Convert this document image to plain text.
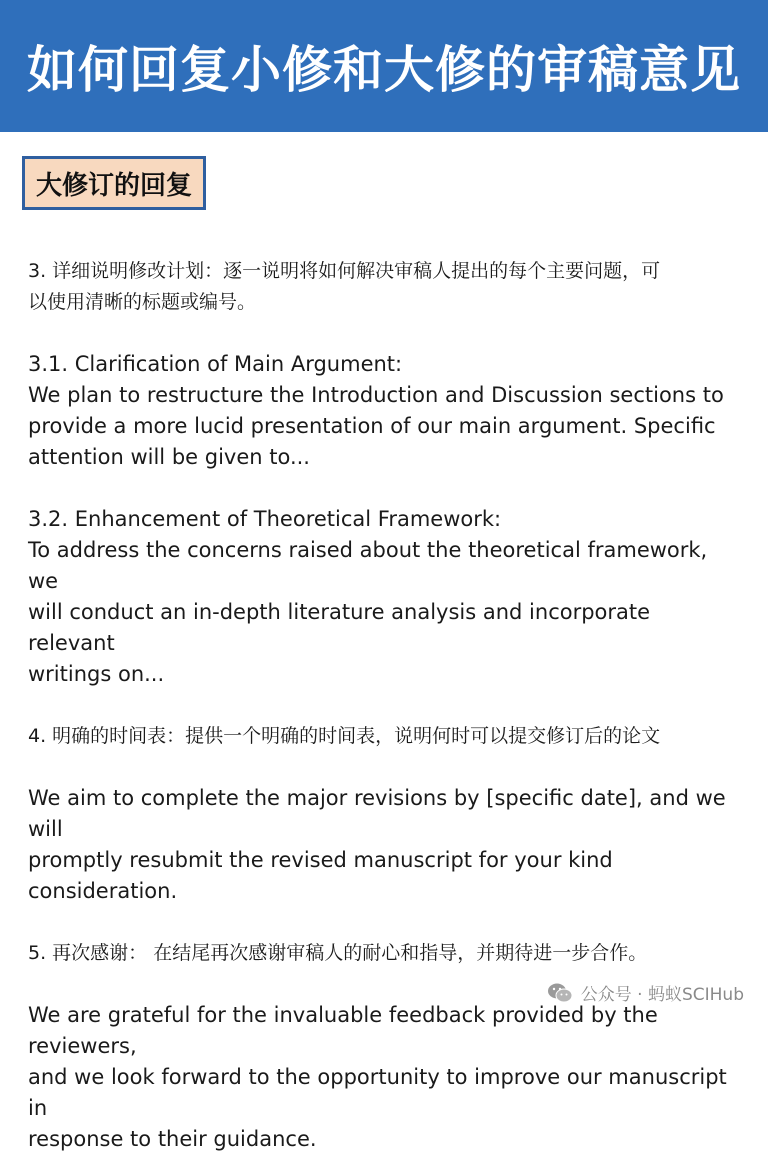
如何回复小修和大修的审稿意见
大修订的回复

3. 详细说明修改计划：逐一说明将如何解决审稿人提出的每个主要问题，可

以使用清晰的标题或编号。

3.1. Clarification of Main Argument:

We plan to restructure the Introduction and Discussion sections to

provide a more lucid presentation of our main argument. Specific

attention will be given to...

3.2. Enhancement of Theoretical Framework:

To address the concerns raised about the theoretical framework, we

will conduct an in-depth literature analysis and incorporate relevant

writings on...

4. 明确的时间表：提供一个明确的时间表，说明何时可以提交修订后的论文

We aim to complete the major revisions by [specific date], and we will

promptly resubmit the revised manuscript for your kind consideration.

5. 再次感谢： 在结尾再次感谢审稿人的耐心和指导，并期待进一步合作。

We are grateful for the invaluable feedback provided by the reviewers,

and we look forward to the opportunity to improve our manuscript in

response to their guidance.

公众号 · 蚂蚁SCIHub
